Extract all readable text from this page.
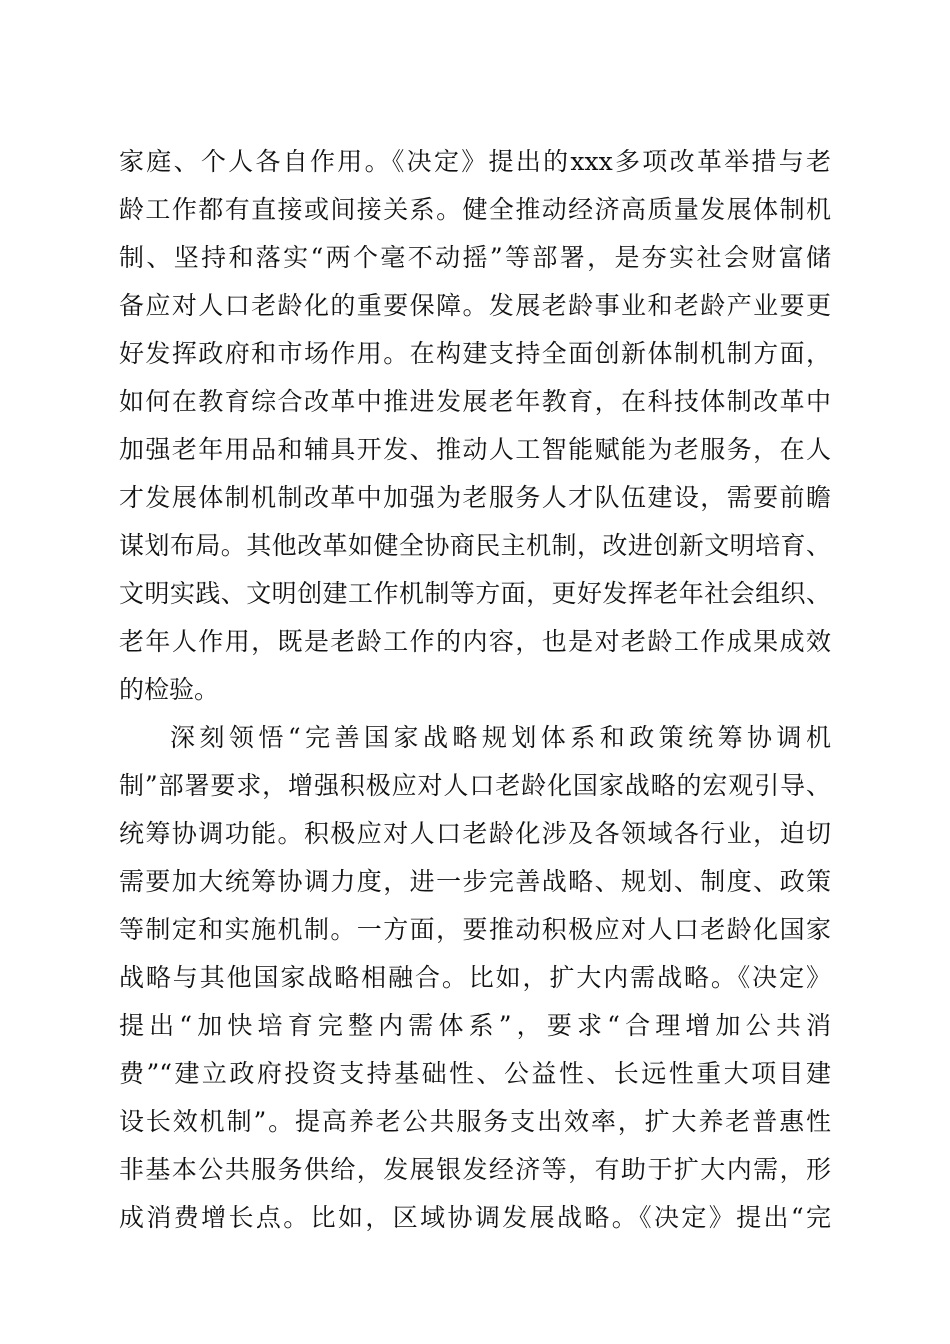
家庭、个人各自作用。《决定》提出的xxx多项改革举措与老
龄工作都有直接或间接关系。健全推动经济高质量发展体制机
制、坚持和落实“两个毫不动摇”等部署，是夯实社会财富储
备应对人口老龄化的重要保障。发展老龄事业和老龄产业要更
好发挥政府和市场作用。在构建支持全面创新体制机制方面，
如何在教育综合改革中推进发展老年教育，在科技体制改革中
加强老年用品和辅具开发、推动人工智能赋能为老服务，在人
才发展体制机制改革中加强为老服务人才队伍建设，需要前瞻
谋划布局。其他改革如健全协商民主机制，改进创新文明培育、
文明实践、文明创建工作机制等方面，更好发挥老年社会组织、
老年人作用，既是老龄工作的内容，也是对老龄工作成果成效
的检验。
深刻领悟“完善国家战略规划体系和政策统筹协调机
制”部署要求，增强积极应对人口老龄化国家战略的宏观引导、
统筹协调功能。积极应对人口老龄化涉及各领域各行业，迫切
需要加大统筹协调力度，进一步完善战略、规划、制度、政策
等制定和实施机制。一方面，要推动积极应对人口老龄化国家
战略与其他国家战略相融合。比如，扩大内需战略。《决定》
提出“加快培育完整内需体系”，要求“合理增加公共消
费”“建立政府投资支持基础性、公益性、长远性重大项目建
设长效机制”。提高养老公共服务支出效率，扩大养老普惠性
非基本公共服务供给，发展银发经济等，有助于扩大内需，形
成消费增长点。比如，区域协调发展战略。《决定》提出“完
